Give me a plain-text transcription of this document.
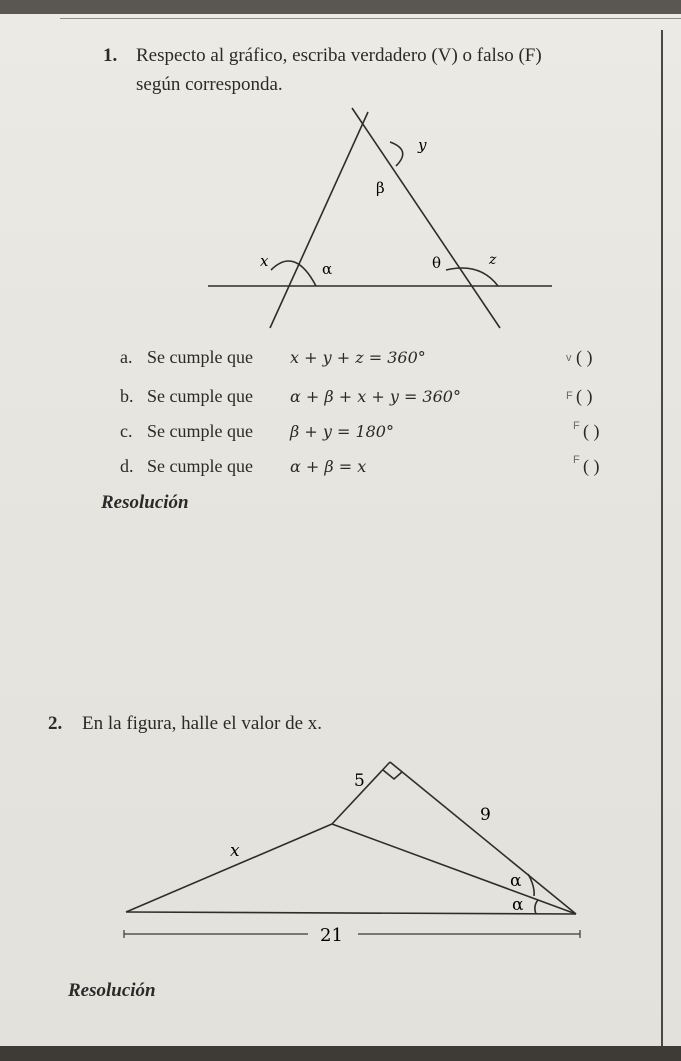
1. Respecto al gráfico, escriba verdadero (V) o falso (F)
según corresponda.
y
β
x	α	θ	z
a. Se cumple que x + y + z = 360°	v ( )
b. Se cumple que α + β + x + y = 360°	F ( )
c. Se cumple que β + y = 180°	F ( )
d. Se cumple que α + β = x	F ( )
Resolución
2. En la figura, halle el valor de x.
5
9
x
α
α
21
Resolución
